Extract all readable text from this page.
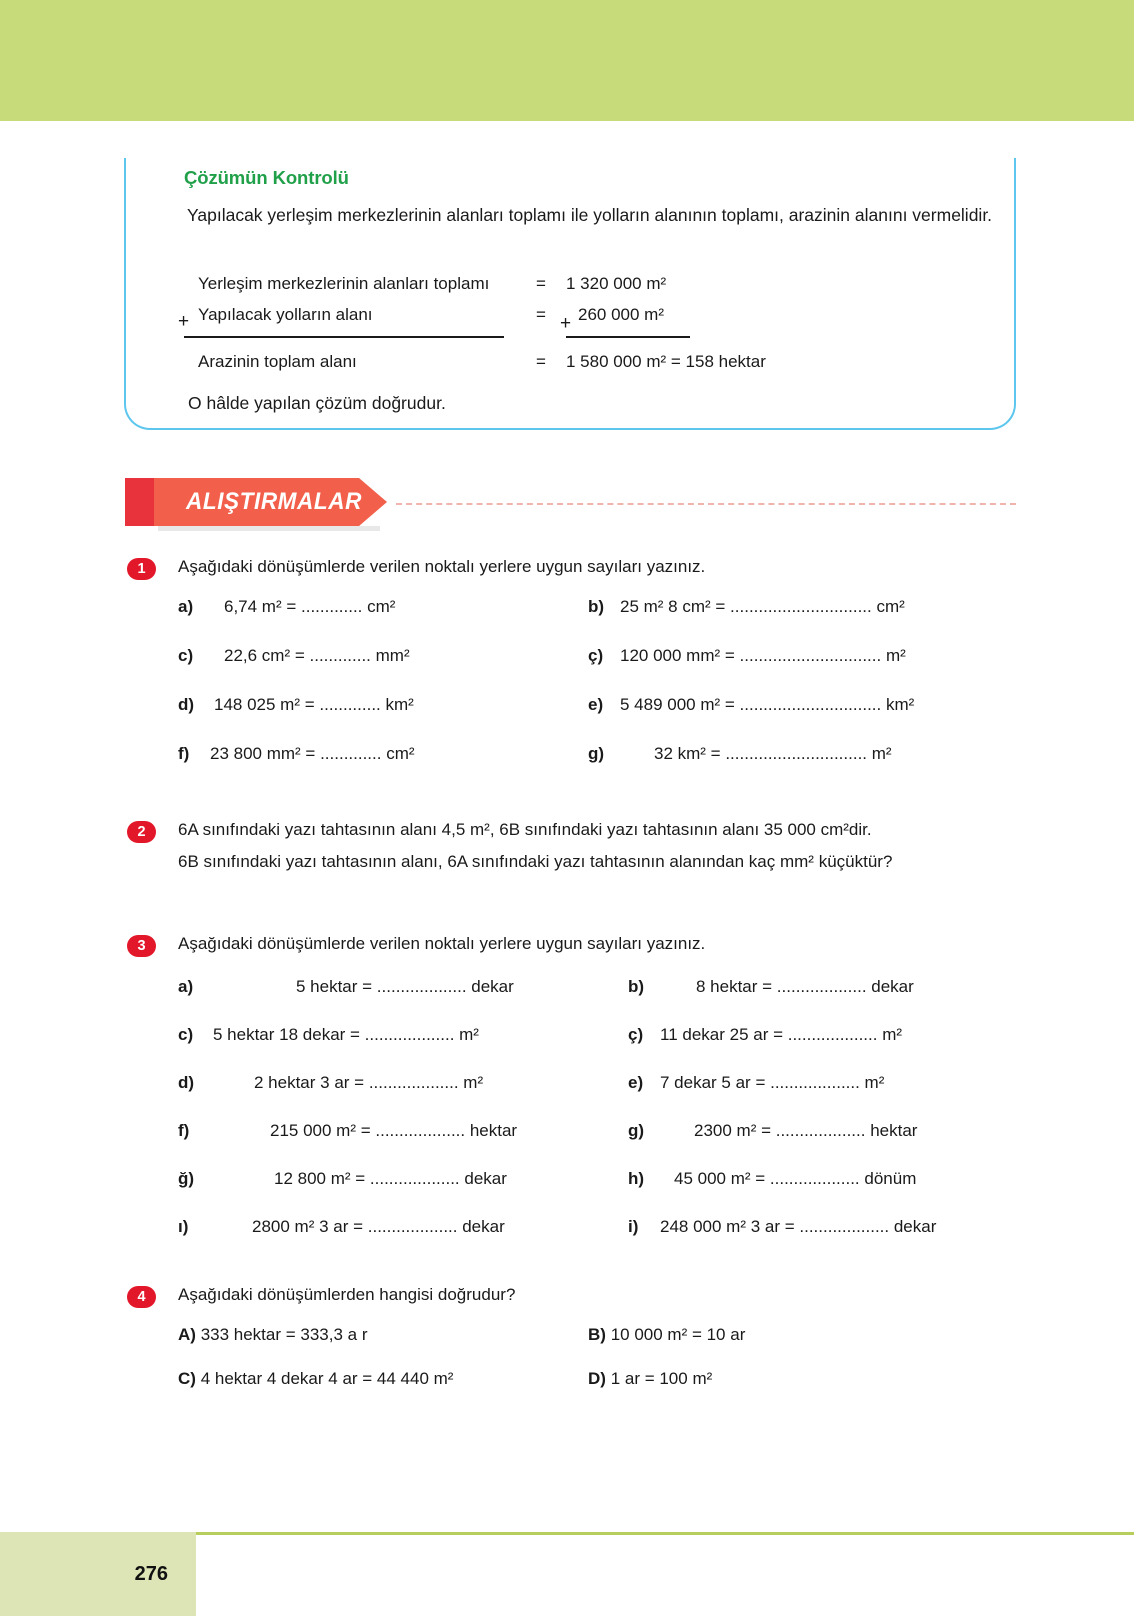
Çözümün Kontrolü
Yapılacak yerleşim merkezlerinin alanları toplamı ile yolların alanının toplamı, arazinin alanını vermelidir.
Yerleşim merkezlerinin alanları toplamı	= 1 320 000 m²
Yapılacak yolların alanı	= 260 000 m²
+	+
Arazinin toplam alanı	= 1 580 000 m² = 158 hektar
O hâlde yapılan çözüm doğrudur.
ALIŞTIRMALAR
1	Aşağıdaki dönüşümlerde verilen noktalı yerlere uygun sayıları yazınız.
a) 6,74 m² = ............. cm²	b) 25 m² 8 cm² = .............................. cm²
c) 22,6 cm² = ............. mm²	ç) 120 000 mm² = .............................. m²
d) 148 025 m² = ............. km²	e) 5 489 000 m² = .............................. km²
f) 23 800 mm² = ............. cm²	g)	32 km² = .............................. m²
2	6A sınıfındaki yazı tahtasının alanı 4,5 m², 6B sınıfındaki yazı tahtasının alanı 35 000 cm²dir.
6B sınıfındaki yazı tahtasının alanı, 6A sınıfındaki yazı tahtasının alanından kaç mm² küçüktür?
3	Aşağıdaki dönüşümlerde verilen noktalı yerlere uygun sayıları yazınız.
a)	5 hektar = ................... dekar	b)	8 hektar = ................... dekar
c) 5 hektar 18 dekar = ................... m²	ç) 11 dekar 25 ar = ................... m²
d)	2 hektar 3 ar = ................... m²	e) 7 dekar 5 ar = ................... m²
f)	215 000 m² = ................... hektar	g)	2300 m² = ................... hektar
ğ)	12 800 m² = ................... dekar	h) 45 000 m² = ................... dönüm
ı)	2800 m² 3 ar = ................... dekar	i) 248 000 m² 3 ar = ................... dekar
4	Aşağıdaki dönüşümlerden hangisi doğrudur?
A) 333 hektar = 333,3 a r	B) 10 000 m² = 10 ar
C) 4 hektar 4 dekar 4 ar = 44 440 m²	D) 1 ar = 100 m²
276
